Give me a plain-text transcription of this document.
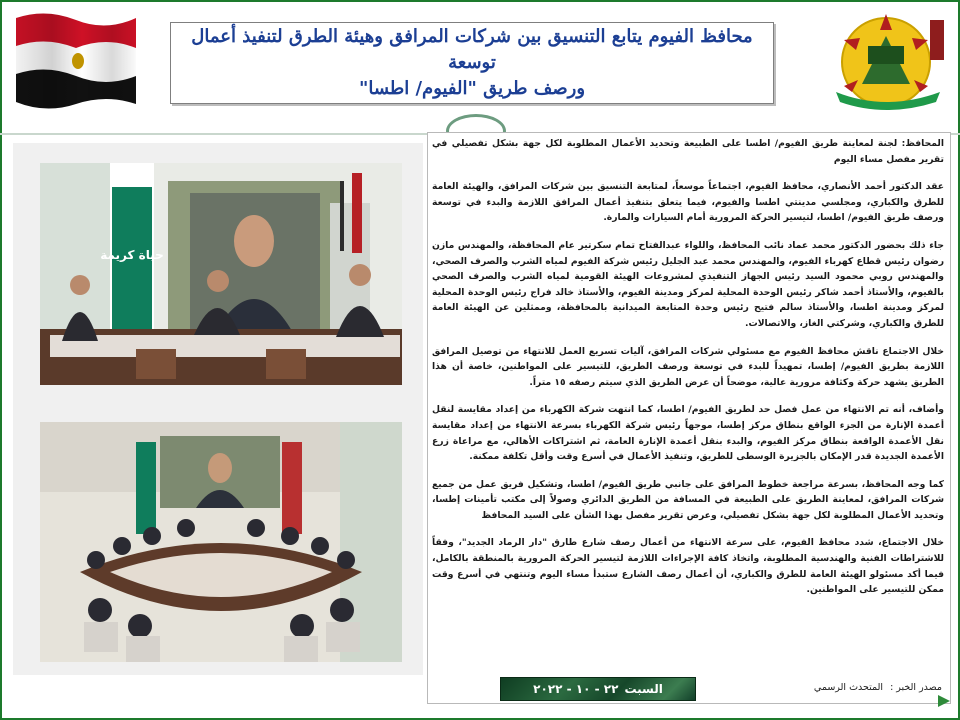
محافظ الفيوم يتابع التنسيق بين شركات المرافق وهيئة الطرق لتنفيذ أعمال توسعة
ورصف طريق "الفيوم/ اطسا"
حياة كريمة

المحافظ: لجنة لمعاينة طريق الفيوم/ اطسا على الطبيعة وتحديد الأعمال المطلوبة لكل جهة بشكل تفصيلي في تقرير مفصل مساء اليوم

عقد الدكتور أحمد الأنصاري، محافظ الفيوم، اجتماعاً موسعاً، لمتابعة التنسيق بين شركات المرافق، والهيئة العامة للطرق والكباري، ومجلسي مدينتي اطسا والفيوم، فيما يتعلق بتنفيذ أعمال المرافق اللازمة والبدء في توسعة ورصف طريق الفيوم/ اطسا، لتيسير الحركة المرورية أمام السيارات والمارة.

جاء ذلك بحضور الدكتور محمد عماد نائب المحافظ، واللواء عبدالفتاح تمام سكرتير عام المحافظة، والمهندس مازن رضوان رئيس قطاع كهرباء الفيوم، والمهندس محمد عبد الجليل رئيس شركة الفيوم لمياه الشرب والصرف الصحي، والمهندس روبي محمود السيد رئيس الجهاز التنفيذي لمشروعات الهيئة القومية لمياه الشرب والصرف الصحي بالفيوم، والأستاذ أحمد شاكر رئيس الوحدة المحلية لمركز ومدينة الفيوم، والأستاذ خالد فراج رئيس الوحدة المحلية لمركز ومدينة اطسا، والأستاذ سالم فتيح رئيس وحدة المتابعة الميدانية بالمحافظة، وممثلين عن الهيئة العامة للطرق والكباري، وشركتي الغاز، والاتصالات.

خلال الاجتماع ناقش محافظ الفيوم مع مسئولي شركات المرافق، آليات تسريع العمل للانتهاء من توصيل المرافق اللازمة بطريق الفيوم/ إطسا، تمهيداً للبدء في توسعة ورصف الطريق، للتيسير على المواطنين، خاصة أن هذا الطريق يشهد حركة وكثافة مرورية عالية، موضحاً أن عرض الطريق الذي سيتم رصفه ١٥ متراً.

وأضاف، أنه تم الانتهاء من عمل فصل حد لطريق الفيوم/ اطسا، كما انتهت شركة الكهرباء من إعداد مقايسة لنقل أعمدة الإنارة من الجزء الواقع بنطاق مركز إطسا، موجهاً رئيس شركة الكهرباء بسرعة الانتهاء من إعداد مقايسة نقل الأعمدة الواقعة بنطاق مركز الفيوم، والبدء بنقل أعمدة الإنارة العامة، ثم اشتراكات الأهالي، مع مراعاة زرع الأعمدة الجديدة قدر الإمكان بالجزيرة الوسطى للطريق، وتنفيذ الأعمال في أسرع وقت وأقل تكلفة ممكنة.

كما وجه المحافظ، بسرعة مراجعة خطوط المرافق على جانبي طريق الفيوم/ اطسا، وتشكيل فريق عمل من جميع شركات المرافق، لمعاينة الطريق على الطبيعة في المسافة من الطريق الدائري وصولاً إلى مكتب تأمينات إطسا، وتحديد الأعمال المطلوبة لكل جهة بشكل تفصيلي، وعرض تقرير مفصل بهذا الشأن على السيد المحافظ

خلال الاجتماع، شدد محافظ الفيوم، على سرعة الانتهاء من أعمال رصف شارع طارق "دار الرماد الجديد"، وفقاً للاشتراطات الفنية والهندسية المطلوبة، واتخاذ كافة الإجراءات اللازمة لتيسير الحركة المرورية بالمنطقة بالكامل، فيما أكد مسئولو الهيئة العامة للطرق والكباري، أن أعمال رصف الشارع ستبدأ مساء اليوم وتنتهي في أسرع وقت ممكن للتيسير على المواطنين.

السبت
٢٢ - ١٠ - ٢٠٢٢	مصدر الخبر : المتحدث الرسمي
